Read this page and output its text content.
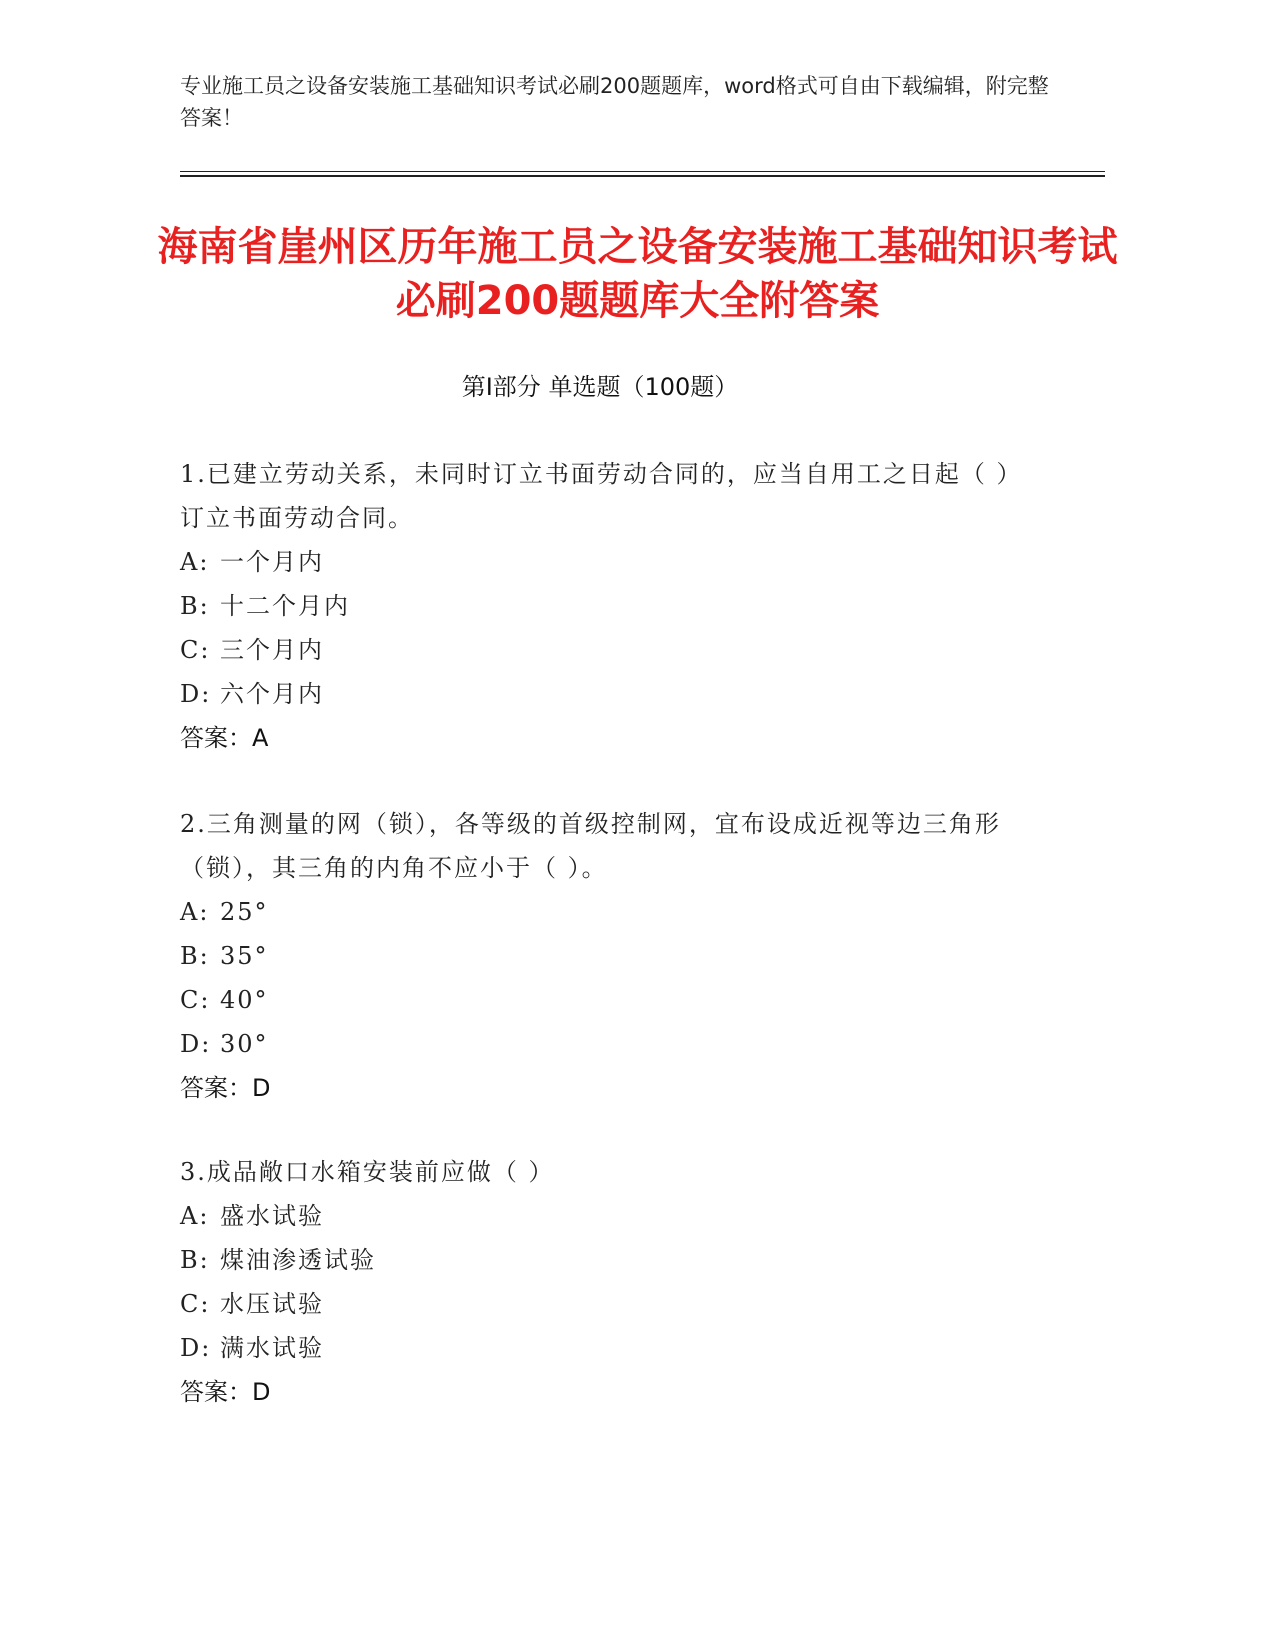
专业施工员之设备安装施工基础知识考试必刷200题题库，word格式可自由下载编辑，附完整答案！
海南省崖州区历年施工员之设备安装施工基础知识考试必刷200题题库大全附答案
第Ⅰ部分 单选题（100题）
1.已建立劳动关系，未同时订立书面劳动合同的，应当自用工之日起（ ）订立书面劳动合同。
A: 一个月内
B: 十二个月内
C: 三个月内
D: 六个月内
答案：A
2.三角测量的网（锁），各等级的首级控制网，宜布设成近视等边三角形（锁），其三角的内角不应小于（ ）。
A: 25°
B: 35°
C: 40°
D: 30°
答案：D
3.成品敞口水箱安装前应做（ ）
A: 盛水试验
B: 煤油渗透试验
C: 水压试验
D: 满水试验
答案：D
